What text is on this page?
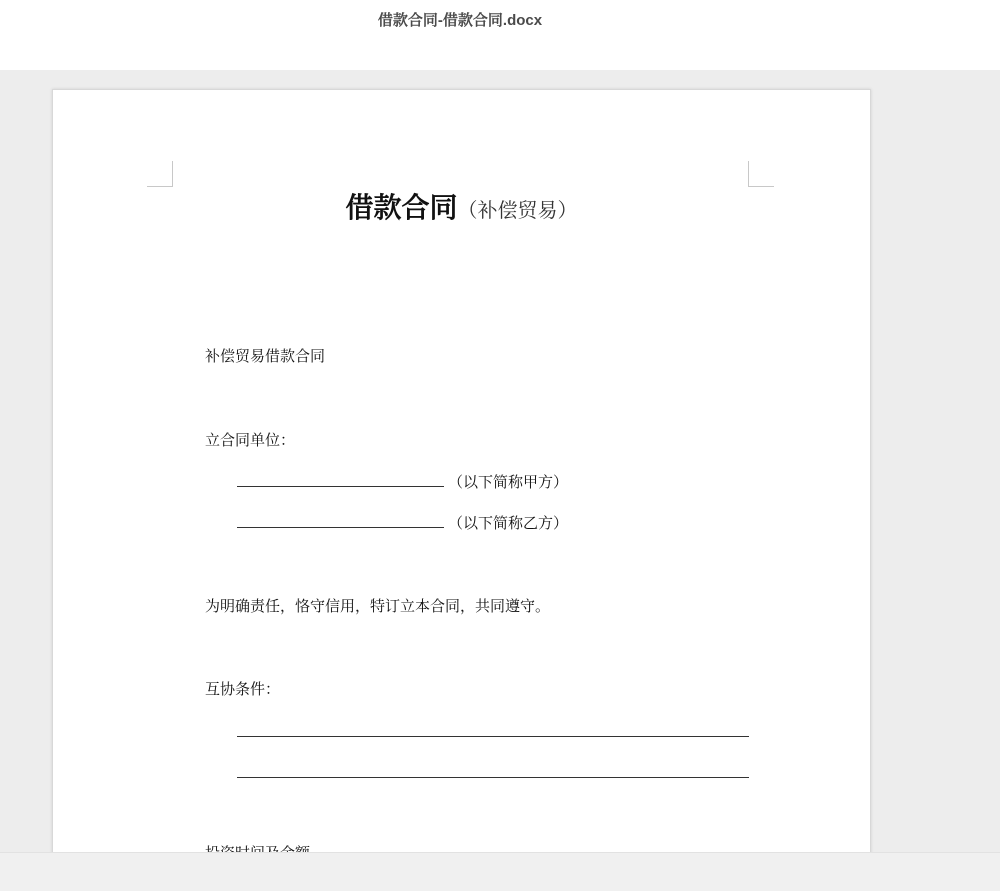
借款合同-借款合同.docx
借款合同（补偿贸易）
补偿贸易借款合同
立合同单位：
（以下简称甲方）
（以下简称乙方）
为明确责任，恪守信用，特订立本合同，共同遵守。
互协条件：
